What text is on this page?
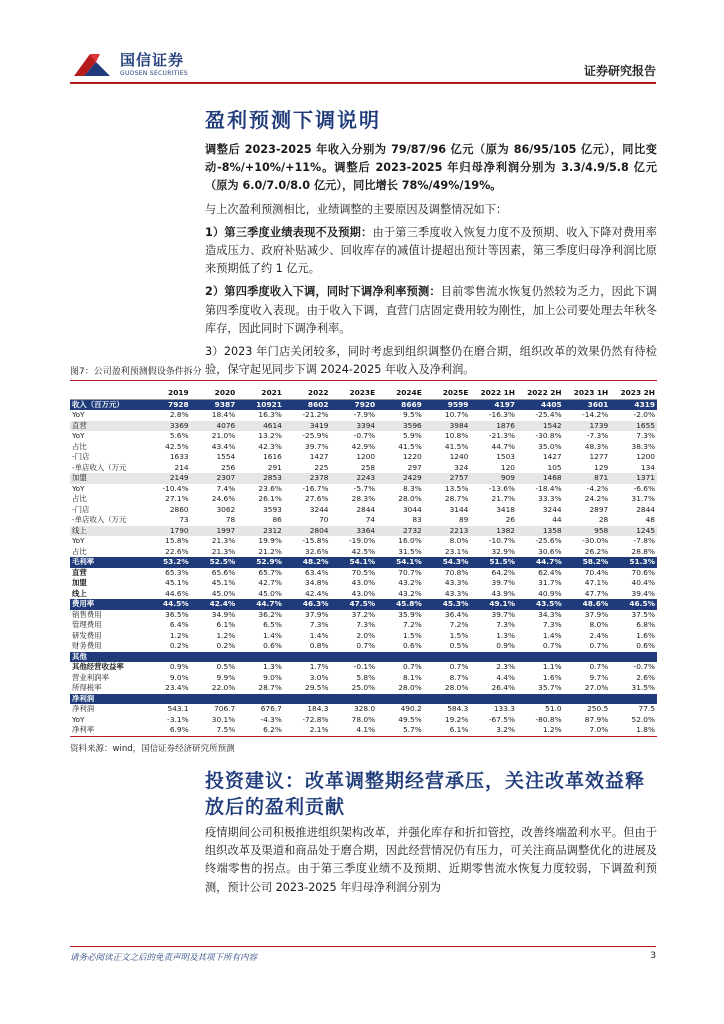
国信证券
GUOSEN SECURITIES	证券研究报告
盈利预测下调说明
调整后 2023-2025 年收入分别为 79/87/96 亿元（原为 86/95/105 亿元），同比变动-8%/+10%/+11%。调整后 2023-2025 年归母净利润分别为 3.3/4.9/5.8 亿元（原为 6.0/7.0/8.0 亿元），同比增长 78%/49%/19%。
与上次盈利预测相比，业绩调整的主要原因及调整情况如下：
1）第三季度业绩表现不及预期：由于第三季度收入恢复力度不及预期、收入下降对费用率造成压力、政府补贴减少、回收库存的减值计提超出预计等因素，第三季度归母净利润比原来预期低了约 1 亿元。
2）第四季度收入下调，同时下调净利率预测：目前零售流水恢复仍然较为乏力，因此下调第四季度收入表现。由于收入下调，直营门店固定费用较为刚性，加上公司要处理去年秋冬库存，因此同时下调净利率。
3）2023 年门店关闭较多，同时考虑到组织调整仍在磨合期，组织改革的效果仍然有待检验，保守起见同步下调 2024-2025 年收入及净利润。
图7：公司盈利预测假设条件拆分
	2019	2020	2021	2022	2023E	2024E	2025E	2022 1H	2022 2H	2023 1H	2023 2H
收入（百万元）	7928	9387	10921	8602	7920	8669	9599	4197	4405	3601	4319
YoY	2.8%	18.4%	16.3%	-21.2%	-7.9%	9.5%	10.7%	-16.3%	-25.4%	-14.2%	-2.0%
直营	3369	4076	4614	3419	3394	3596	3984	1876	1542	1739	1655
YoY	5.6%	21.0%	13.2%	-25.9%	-0.7%	5.9%	10.8%	-21.3%	-30.8%	-7.3%	7.3%
占比	42.5%	43.4%	42.3%	39.7%	42.9%	41.5%	41.5%	44.7%	35.0%	48.3%	38.3%
-门店	1633	1554	1616	1427	1200	1220	1240	1503	1427	1277	1200
-单店收入（万元	214	256	291	225	258	297	324	120	105	129	134
加盟	2149	2307	2853	2378	2243	2429	2757	909	1468	871	1371
YoY	-10.4%	7.4%	23.6%	-16.7%	-5.7%	8.3%	13.5%	-13.6%	-18.4%	-4.2%	-6.6%
占比	27.1%	24.6%	26.1%	27.6%	28.3%	28.0%	28.7%	21.7%	33.3%	24.2%	31.7%
-门店	2860	3062	3593	3244	2844	3044	3144	3418	3244	2897	2844
-单店收入（万元	73	78	86	70	74	83	89	26	44	28	48
线上	1790	1997	2312	2804	3364	2732	2213	1382	1358	958	1245
YoY	15.8%	21.3%	19.9%	-15.8%	-19.0%	16.0%	8.0%	-10.7%	-25.6%	-30.0%	-7.8%
占比	22.6%	21.3%	21.2%	32.6%	42.5%	31.5%	23.1%	32.9%	30.6%	26.2%	28.8%
毛利率	53.2%	52.5%	52.9%	48.2%	54.1%	54.1%	54.3%	51.5%	44.7%	58.2%	51.3%
直营	65.3%	65.6%	65.7%	63.4%	70.5%	70.7%	70.8%	64.2%	62.4%	70.4%	70.6%
加盟	45.1%	45.1%	42.7%	34.8%	43.0%	43.2%	43.3%	39.7%	31.7%	47.1%	40.4%
线上	44.6%	45.0%	45.0%	42.4%	43.0%	43.2%	43.3%	43.9%	40.9%	47.7%	39.4%
费用率	44.5%	42.4%	44.7%	46.3%	47.5%	45.8%	45.3%	49.1%	43.5%	48.6%	46.5%
销售费用	36.5%	34.9%	36.2%	37.9%	37.2%	35.9%	36.4%	39.7%	34.3%	37.9%	37.5%
管理费用	6.4%	6.1%	6.5%	7.3%	7.3%	7.2%	7.2%	7.3%	7.3%	8.0%	6.8%
研发费用	1.2%	1.2%	1.4%	1.4%	2.0%	1.5%	1.5%	1.3%	1.4%	2.4%	1.6%
财务费用	0.2%	0.2%	0.6%	0.8%	0.7%	0.6%	0.5%	0.9%	0.7%	0.7%	0.6%
其他											
其他经营收益率	0.9%	0.5%	1.3%	1.7%	-0.1%	0.7%	0.7%	2.3%	1.1%	0.7%	-0.7%
营业利润率	9.0%	9.9%	9.0%	3.0%	5.8%	8.1%	8.7%	4.4%	1.6%	9.7%	2.6%
所得税率	23.4%	22.0%	28.7%	29.5%	25.0%	28.0%	28.0%	26.4%	35.7%	27.0%	31.5%
净利润											
净利润	543.1	706.7	676.7	184.3	328.0	490.2	584.3	133.3	51.0	250.5	77.5
YoY	-3.1%	30.1%	-4.3%	-72.8%	78.0%	49.5%	19.2%	-67.5%	-80.8%	87.9%	52.0%
净利率	6.9%	7.5%	6.2%	2.1%	4.1%	5.7%	6.1%	3.2%	1.2%	7.0%	1.8%
资料来源：wind，国信证券经济研究所预测
投资建议：改革调整期经营承压，关注改革效益释放后的盈利贡献
疫情期间公司积极推进组织架构改革，并强化库存和折扣管控，改善终端盈利水平。但由于组织改革及渠道和商品处于磨合期，因此经营情况仍有压力，可关注商品调整优化的进展及终端零售的拐点。由于第三季度业绩不及预期、近期零售流水恢复力度较弱，下调盈利预测，预计公司 2023-2025 年归母净利润分别为
请务必阅读正文之后的免责声明及其项下所有内容	3
